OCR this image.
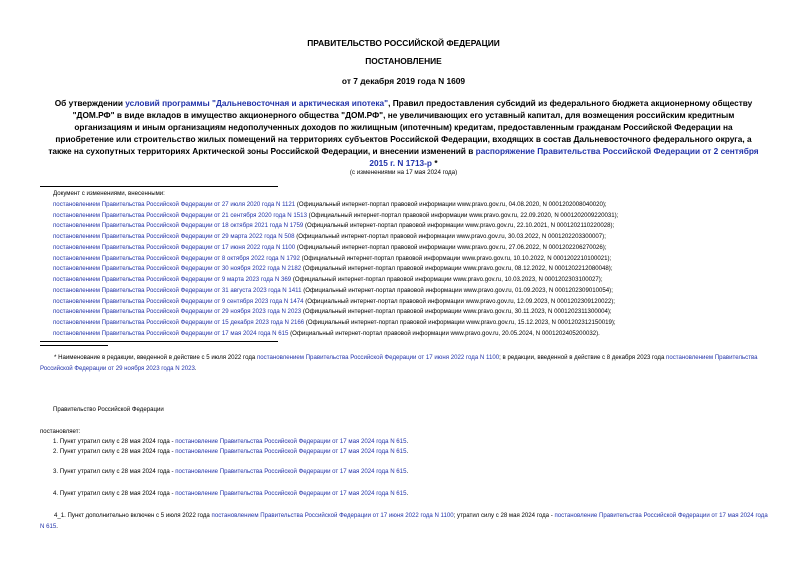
ПРАВИТЕЛЬСТВО РОССИЙСКОЙ ФЕДЕРАЦИИ
ПОСТАНОВЛЕНИЕ
от 7 декабря 2019 года N 1609
Об утверждении условий программы "Дальневосточная и арктическая ипотека", Правил предоставления субсидий из федерального бюджета акционерному обществу "ДОМ.РФ" в виде вкладов в имущество акционерного общества "ДОМ.РФ", не увеличивающих его уставный капитал, для возмещения российским кредитным организациям и иным организациям недополученных доходов по жилищным (ипотечным) кредитам, предоставленным гражданам Российской Федерации на приобретение или строительство жилых помещений на территориях субъектов Российской Федерации, входящих в состав Дальневосточного федерального округа, а также на сухопутных территориях Арктической зоны Российской Федерации, и внесении изменений в распоряжение Правительства Российской Федерации от 2 сентября 2015 г. N 1713-р *
(с изменениями на 17 мая 2024 года)
Документ с изменениями, внесенными:
постановлением Правительства Российской Федерации от 27 июля 2020 года N 1121 (Официальный интернет-портал правовой информации www.pravo.gov.ru, 04.08.2020, N 0001202008040020);
постановлением Правительства Российской Федерации от 21 сентября 2020 года N 1513 (Официальный интернет-портал правовой информации www.pravo.gov.ru, 22.09.2020, N 0001202009220031);
постановлением Правительства Российской Федерации от 18 октября 2021 года N 1759 (Официальный интернет-портал правовой информации www.pravo.gov.ru, 22.10.2021, N 0001202110220028);
постановлением Правительства Российской Федерации от 29 марта 2022 года N 508 (Официальный интернет-портал правовой информации www.pravo.gov.ru, 30.03.2022, N 0001202203300007);
постановлением Правительства Российской Федерации от 17 июня 2022 года N 1100 (Официальный интернет-портал правовой информации www.pravo.gov.ru, 27.06.2022, N 0001202206270026);
постановлением Правительства Российской Федерации от 8 октября 2022 года N 1792 (Официальный интернет-портал правовой информации www.pravo.gov.ru, 10.10.2022, N 0001202210100021);
постановлением Правительства Российской Федерации от 30 ноября 2022 года N 2182 (Официальный интернет-портал правовой информации www.pravo.gov.ru, 08.12.2022, N 0001202212080048);
постановлением Правительства Российской Федерации от 9 марта 2023 года N 369 (Официальный интернет-портал правовой информации www.pravo.gov.ru, 10.03.2023, N 0001202303100027);
постановлением Правительства Российской Федерации от 31 августа 2023 года N 1411 (Официальный интернет-портал правовой информации www.pravo.gov.ru, 01.09.2023, N 0001202309010054);
постановлением Правительства Российской Федерации от 9 сентября 2023 года N 1474 (Официальный интернет-портал правовой информации www.pravo.gov.ru, 12.09.2023, N 0001202309120022);
постановлением Правительства Российской Федерации от 29 ноября 2023 года N 2023 (Официальный интернет-портал правовой информации www.pravo.gov.ru, 30.11.2023, N 0001202311300004);
постановлением Правительства Российской Федерации от 15 декабря 2023 года N 2166 (Официальный интернет-портал правовой информации www.pravo.gov.ru, 15.12.2023, N 0001202312150019);
постановлением Правительства Российской Федерации от 17 мая 2024 года N 615 (Официальный интернет-портал правовой информации www.pravo.gov.ru, 20.05.2024, N 0001202405200032).
* Наименование в редакции, введенной в действие с 5 июля 2022 года постановлением Правительства Российской Федерации от 17 июня 2022 года N 1100; в редакции, введенной в действие с 8 декабря 2023 года постановлением Правительства Российской Федерации от 29 ноября 2023 года N 2023.
Правительство Российской Федерации
постановляет:
1. Пункт утратил силу с 28 мая 2024 года - постановление Правительства Российской Федерации от 17 мая 2024 года N 615.
2. Пункт утратил силу с 28 мая 2024 года - постановление Правительства Российской Федерации от 17 мая 2024 года N 615.
3. Пункт утратил силу с 28 мая 2024 года - постановление Правительства Российской Федерации от 17 мая 2024 года N 615.
4. Пункт утратил силу с 28 мая 2024 года - постановление Правительства Российской Федерации от 17 мая 2024 года N 615.
4_1. Пункт дополнительно включен с 5 июля 2022 года постановлением Правительства Российской Федерации от 17 июня 2022 года N 1100; утратил силу с 28 мая 2024 года - постановление Правительства Российской Федерации от 17 мая 2024 года N 615.
